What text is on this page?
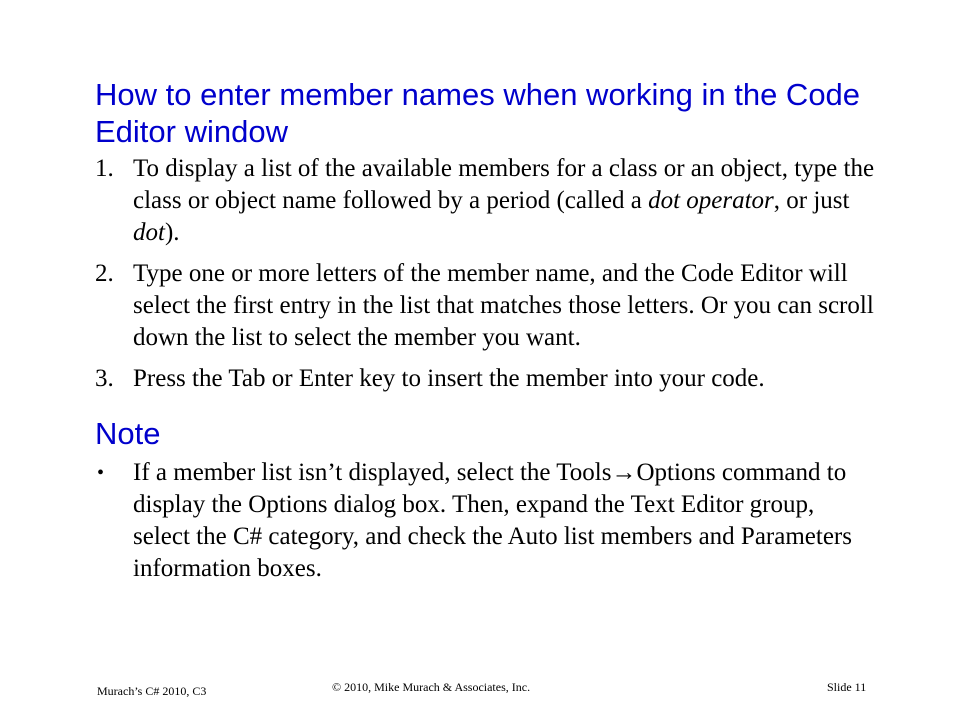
How to enter member names when working in the Code Editor window
1. To display a list of the available members for a class or an object, type the class or object name followed by a period (called a dot operator, or just dot).
2. Type one or more letters of the member name, and the Code Editor will select the first entry in the list that matches those letters. Or you can scroll down the list to select the member you want.
3. Press the Tab or Enter key to insert the member into your code.
Note
• If a member list isn’t displayed, select the Tools→Options command to display the Options dialog box. Then, expand the Text Editor group, select the C# category, and check the Auto list members and Parameters information boxes.
Murach’s C# 2010, C3	© 2010, Mike Murach & Associates, Inc.	Slide 11
